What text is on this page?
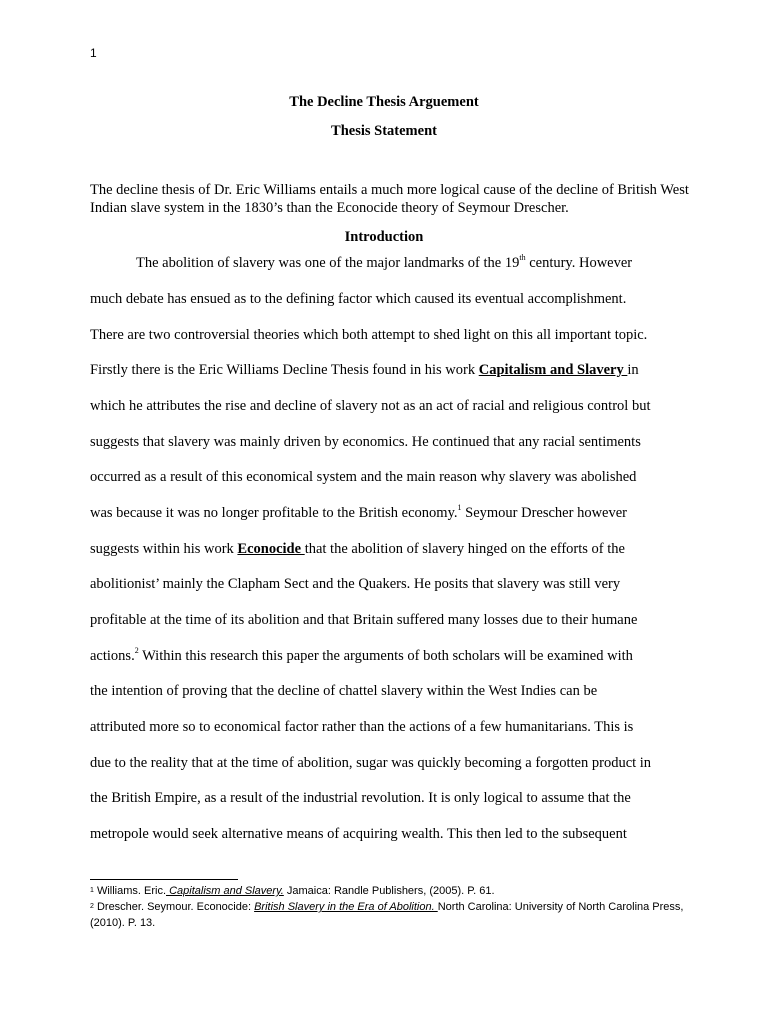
1
The Decline Thesis Arguement
Thesis Statement
The decline thesis of Dr. Eric Williams entails a much more logical cause of the decline of British West Indian slave system in the 1830’s than the Econocide theory of Seymour Drescher.
Introduction
The abolition of slavery was one of the major landmarks of the 19th century. However
much debate has ensued as to the defining factor which caused its eventual accomplishment.
There are two controversial theories which both attempt to shed light on this all important topic.
Firstly there is the Eric Williams Decline Thesis found in his work Capitalism and Slavery in
which he attributes the rise and decline of slavery not as an act of racial and religious control but
suggests that slavery was mainly driven by economics. He continued that any racial sentiments
occurred as a result of this economical system and the main reason why slavery was abolished
was because it was no longer profitable to the British economy.$^1$ Seymour Drescher however
suggests within his work Econocide that the abolition of slavery hinged on the efforts of the
abolitionist’ mainly the Clapham Sect and the Quakers. He posits that slavery was still very
profitable at the time of its abolition and that Britain suffered many losses due to their humane
actions.$^2$ Within this research this paper the arguments of both scholars will be examined with
the intention of proving that the decline of chattel slavery within the West Indies can be
attributed more so to economical factor rather than the actions of a few humanitarians. This is
due to the reality that at the time of abolition, sugar was quickly becoming a forgotten product in
the British Empire, as a result of the industrial revolution. It is only logical to assume that the
metropole would seek alternative means of acquiring wealth. This then led to the subsequent
$^1$ Williams. Eric. Capitalism and Slavery. Jamaica: Randle Publishers, (2005). P. 61.
$^2$ Drescher. Seymour. Econocide: British Slavery in the Era of Abolition. North Carolina: University of North Carolina Press, (2010). P. 13.
